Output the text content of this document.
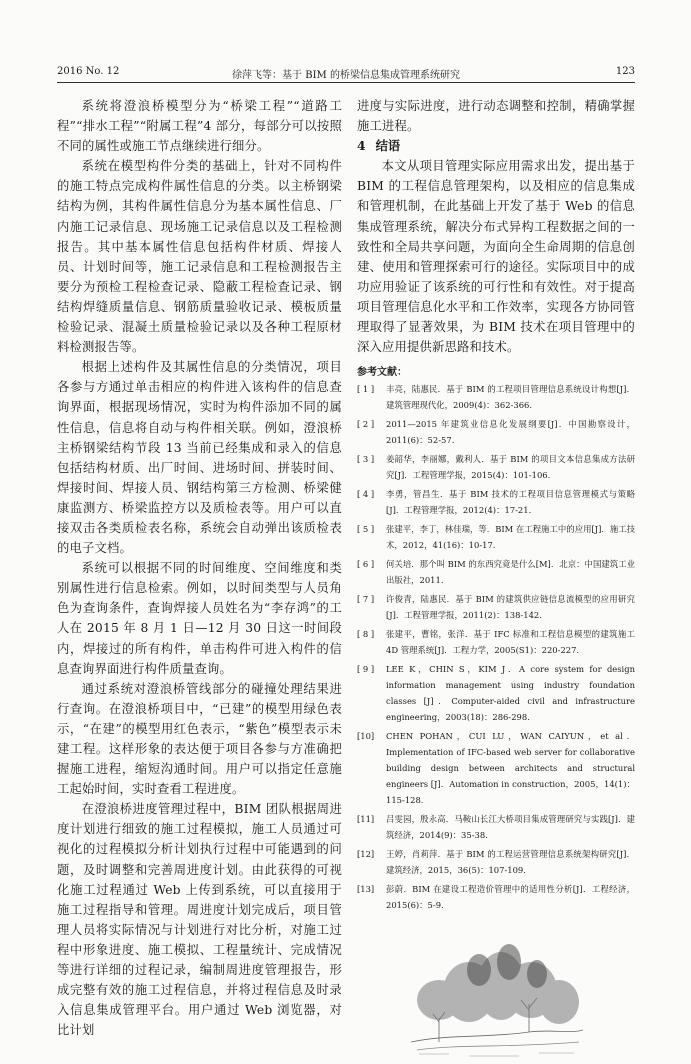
2016 No. 12	徐萍飞等：基于 BIM 的桥梁信息集成管理系统研究	123

系统将澄浪桥模型分为“桥梁工程”“道路工程”“排水工程”“附属工程”4 部分，每部分可以按照不同的属性或施工节点继续进行细分。

系统在模型构件分类的基础上，针对不同构件的施工特点完成构件属性信息的分类。以主桥钢梁结构为例，其构件属性信息分为基本属性信息、厂内施工记录信息、现场施工记录信息以及工程检测报告。其中基本属性信息包括构件材质、焊接人员、计划时间等，施工记录信息和工程检测报告主要分为预检工程检查记录、隐蔽工程检查记录、钢结构焊缝质量信息、钢筋质量验收记录、模板质量检验记录、混凝土质量检验记录以及各种工程原材料检测报告等。

根据上述构件及其属性信息的分类情况，项目各参与方通过单击相应的构件进入该构件的信息查询界面，根据现场情况，实时为构件添加不同的属性信息，信息将自动与构件相关联。例如，澄浪桥主桥钢梁结构节段 13 当前已经集成和录入的信息包括结构材质、出厂时间、进场时间、拼装时间、焊接时间、焊接人员、钢结构第三方检测、桥梁健康监测方、桥梁监控方以及质检表等。用户可以直接双击各类质检表名称，系统会自动弹出该质检表的电子文档。

系统可以根据不同的时间维度、空间维度和类别属性进行信息检索。例如，以时间类型与人员角色为查询条件，查询焊接人员姓名为“李存鸿”的工人在 2015 年 8 月 1 日—12 月 30 日这一时间段内，焊接过的所有构件，单击构件可进入构件的信息查询界面进行构件质量查询。

通过系统对澄浪桥管线部分的碰撞处理结果进行查询。在澄浪桥项目中，“已建”的模型用绿色表示，“在建”的模型用红色表示，“紫色”模型表示未建工程。这样形象的表达便于项目各参与方准确把握施工进程，缩短沟通时间。用户可以指定任意施工起始时间，实时查看工程进度。

在澄浪桥进度管理过程中，BIM 团队根据周进度计划进行细致的施工过程模拟，施工人员通过可视化的过程模拟分析计划执行过程中可能遇到的问题，及时调整和完善周进度计划。由此获得的可视化施工过程通过 Web 上传到系统，可以直接用于施工过程指导和管理。周进度计划完成后，项目管理人员将实际情况与计划进行对比分析，对施工过程中形象进度、施工模拟、工程量统计、完成情况等进行详细的过程记录，编制周进度管理报告，形成完整有效的施工过程信息，并将过程信息及时录入信息集成管理平台。用户通过 Web 浏览器，对比计划

进度与实际进度，进行动态调整和控制，精确掌握施工进程。

4 结语

本文从项目管理实际应用需求出发，提出基于 BIM 的工程信息管理架构，以及相应的信息集成和管理机制，在此基础上开发了基于 Web 的信息集成管理系统，解决分布式异构工程数据之间的一致性和全局共享问题，为面向全生命周期的信息创建、使用和管理探索可行的途径。实际项目中的成功应用验证了该系统的可行性和有效性。对于提高项目管理信息化水平和工作效率，实现各方协同管理取得了显著效果，为 BIM 技术在项目管理中的深入应用提供新思路和技术。

参考文献：

[ 1 ] 丰亮，陆惠民．基于 BIM 的工程项目管理信息系统设计构想[J]．建筑管理现代化，2009(4)：362-366.

[ 2 ] 2011—2015 年建筑业信息化发展纲要[J]．中国勘察设计，2011(6)：52-57.

[ 3 ] 姜韶华，李丽娜，戴利人．基于 BIM 的项目文本信息集成方法研究[J]．工程管理学报，2015(4)：101-106.

[ 4 ] 李勇，管昌生．基于 BIM 技术的工程项目信息管理模式与策略[J]．工程管理学报，2012(4)：17-21.

[ 5 ] 张建平，李丁，林佳瑞，等．BIM 在工程施工中的应用[J]．施工技术，2012，41(16)：10-17.

[ 6 ] 何关培．那个叫 BIM 的东西究竟是什么[M]．北京：中国建筑工业出版社，2011.

[ 7 ] 许俊青，陆惠民．基于 BIM 的建筑供应链信息流模型的应用研究[J]．工程管理学报，2011(2)：138-142.

[ 8 ] 张建平，曹铭，张洋．基于 IFC 标准和工程信息模型的建筑施工 4D 管理系统[J]．工程力学，2005(S1)：220-227.

[ 9 ] LEE K，CHIN S，KIM J．A core system for design information management using industry foundation classes [J]．Computer-aided civil and infrastructure engineering，2003(18)：286-298.

[10] CHEN POHAN，CUI LU，WAN CAIYUN，et al．Implementation of IFC-based web server for collaborative building design between architects and structural engineers [J]．Automation in construction，2005，14(1)：115-128.

[11] 吕雯园，殷永高．马鞍山长江大桥项目集成管理研究与实践[J]．建筑经济，2014(9)：35-38.

[12] 王婷，肖莉萍．基于 BIM 的工程运营管理信息系统架构研究[J]．建筑经济，2015，36(5)：107-109.

[13] 彭蔚．BIM 在建设工程造价管理中的适用性分析[J]．工程经济，2015(6)：5-9.
